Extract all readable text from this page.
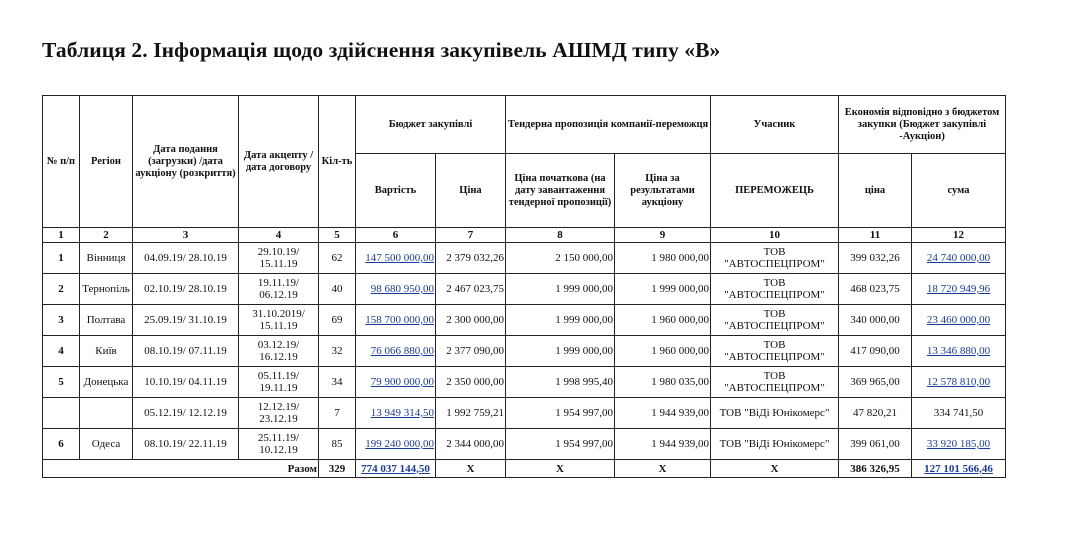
Таблиця 2. Інформація щодо здійснення закупівель АШМД типу «В»
№ п/п	Регіон	Дата подання (загрузки) /дата аукціону (розкриття)	Дата акцепту / дата договору	Кіл-ть	Бюджет закупівлі		Тендерна пропозиція компанії-переможця		Учасник	Економія відповідно з бюджетом закупки (Бюджет закупівлі -Аукціон)	
					Вартість	Ціна	Ціна початкова (на дату завантаження тендерної пропозиції)	Ціна за результатами аукціону	ПЕРЕМОЖЕЦЬ	ціна	сума
1	2	3	4	5	6	7	8	9	10	11	12
1	Вінниця	04.09.19/ 28.10.19	29.10.19/ 15.11.19	62	147 500 000,00	2 379 032,26	2 150 000,00	1 980 000,00	ТОВ "АВТОСПЕЦПРОМ"	399 032,26	24 740 000,00
2	Тернопіль	02.10.19/ 28.10.19	19.11.19/ 06.12.19	40	98 680 950,00	2 467 023,75	1 999 000,00	1 999 000,00	ТОВ "АВТОСПЕЦПРОМ"	468 023,75	18 720 949,96
3	Полтава	25.09.19/ 31.10.19	31.10.2019/ 15.11.19	69	158 700 000,00	2 300 000,00	1 999 000,00	1 960 000,00	ТОВ "АВТОСПЕЦПРОМ"	340 000,00	23 460 000,00
4	Київ	08.10.19/ 07.11.19	03.12.19/ 16.12.19	32	76 066 880,00	2 377 090,00	1 999 000,00	1 960 000,00	ТОВ "АВТОСПЕЦПРОМ"	417 090,00	13 346 880,00
5	Донецька	10.10.19/ 04.11.19	05.11.19/ 19.11.19	34	79 900 000,00	2 350 000,00	1 998 995,40	1 980 035,00	ТОВ "АВТОСПЕЦПРОМ"	369 965,00	12 578 810,00
		05.12.19/ 12.12.19	12.12.19/ 23.12.19	7	13 949 314,50	1 992 759,21	1 954 997,00	1 944 939,00	ТОВ "ВіДі Юнікомерс"	47 820,21	334 741,50
6	Одеса	08.10.19/ 22.11.19	25.11.19/ 10.12.19	85	199 240 000,00	2 344 000,00	1 954 997,00	1 944 939,00	ТОВ "ВіДі Юнікомерс"	399 061,00	33 920 185,00
Разом				329	774 037 144,50	Х	Х	Х	Х	386 326,95	127 101 566,46
